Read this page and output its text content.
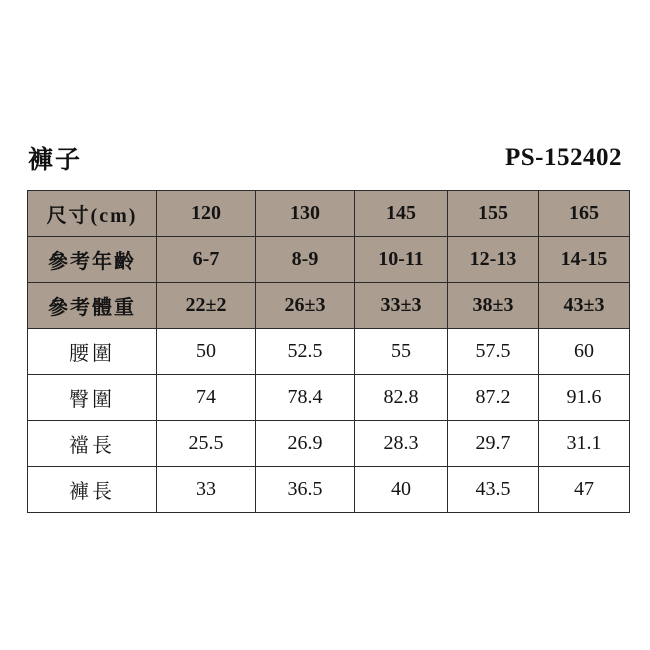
褲子	PS-152402
尺寸(cm)	120	130	145	155	165
參考年齡	6-7	8-9	10-11	12-13	14-15
參考體重	22±2	26±3	33±3	38±3	43±3
腰圍	50	52.5	55	57.5	60
臀圍	74	78.4	82.8	87.2	91.6
襠長	25.5	26.9	28.3	29.7	31.1
褲長	33	36.5	40	43.5	47
